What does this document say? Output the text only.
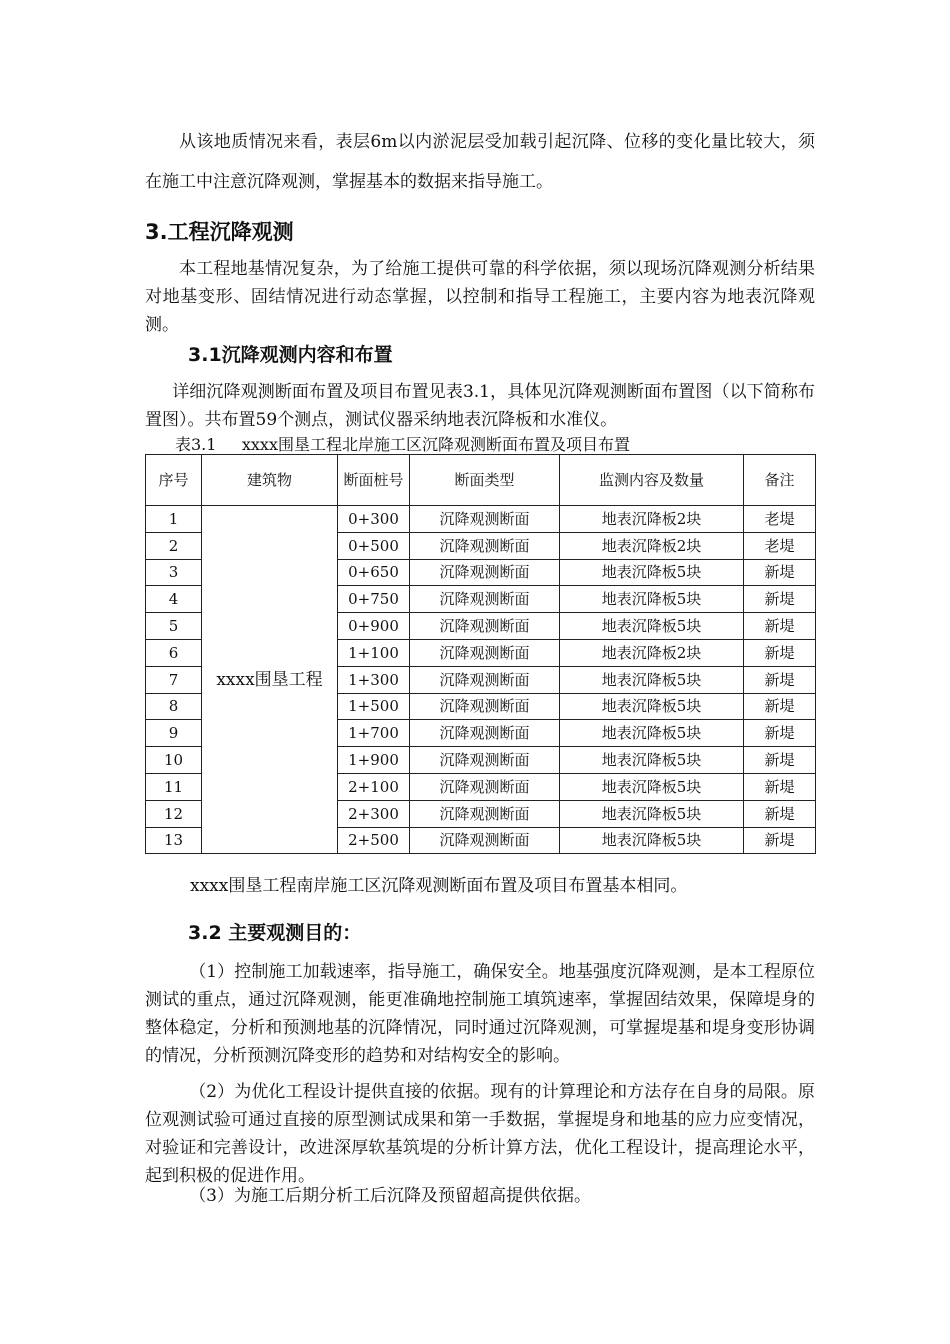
从该地质情况来看，表层6m以内淤泥层受加载引起沉降、位移的变化量比较大，须在施工中注意沉降观测，掌握基本的数据来指导施工。

3.工程沉降观测

本工程地基情况复杂，为了给施工提供可靠的科学依据，须以现场沉降观测分析结果对地基变形、固结情况进行动态掌握，以控制和指导工程施工，主要内容为地表沉降观测。

3.1沉降观测内容和布置

详细沉降观测断面布置及项目布置见表3.1，具体见沉降观测断面布置图（以下简称布置图）。共布置59个测点，测试仪器采纳地表沉降板和水准仪。

表3.1     xxxx围垦工程北岸施工区沉降观测断面布置及项目布置

序号	建筑物	断面桩号	断面类型	监测内容及数量	备注
1	xxxx围垦工程	0+300	沉降观测断面	地表沉降板2块	老堤
2		0+500	沉降观测断面	地表沉降板2块	老堤
3		0+650	沉降观测断面	地表沉降板5块	新堤
4		0+750	沉降观测断面	地表沉降板5块	新堤
5		0+900	沉降观测断面	地表沉降板5块	新堤
6		1+100	沉降观测断面	地表沉降板2块	新堤
7		1+300	沉降观测断面	地表沉降板5块	新堤
8		1+500	沉降观测断面	地表沉降板5块	新堤
9		1+700	沉降观测断面	地表沉降板5块	新堤
10		1+900	沉降观测断面	地表沉降板5块	新堤
11		2+100	沉降观测断面	地表沉降板5块	新堤
12		2+300	沉降观测断面	地表沉降板5块	新堤
13		2+500	沉降观测断面	地表沉降板5块	新堤

xxxx围垦工程南岸施工区沉降观测断面布置及项目布置基本相同。

3.2 主要观测目的：

（1）控制施工加载速率，指导施工，确保安全。地基强度沉降观测，是本工程原位测试的重点，通过沉降观测，能更准确地控制施工填筑速率，掌握固结效果，保障堤身的整体稳定，分析和预测地基的沉降情况，同时通过沉降观测，可掌握堤基和堤身变形协调的情况，分析预测沉降变形的趋势和对结构安全的影响。

（2）为优化工程设计提供直接的依据。现有的计算理论和方法存在自身的局限。原位观测试验可通过直接的原型测试成果和第一手数据，掌握堤身和地基的应力应变情况，对验证和完善设计，改进深厚软基筑堤的分析计算方法，优化工程设计，提高理论水平，起到积极的促进作用。

（3）为施工后期分析工后沉降及预留超高提供依据。
